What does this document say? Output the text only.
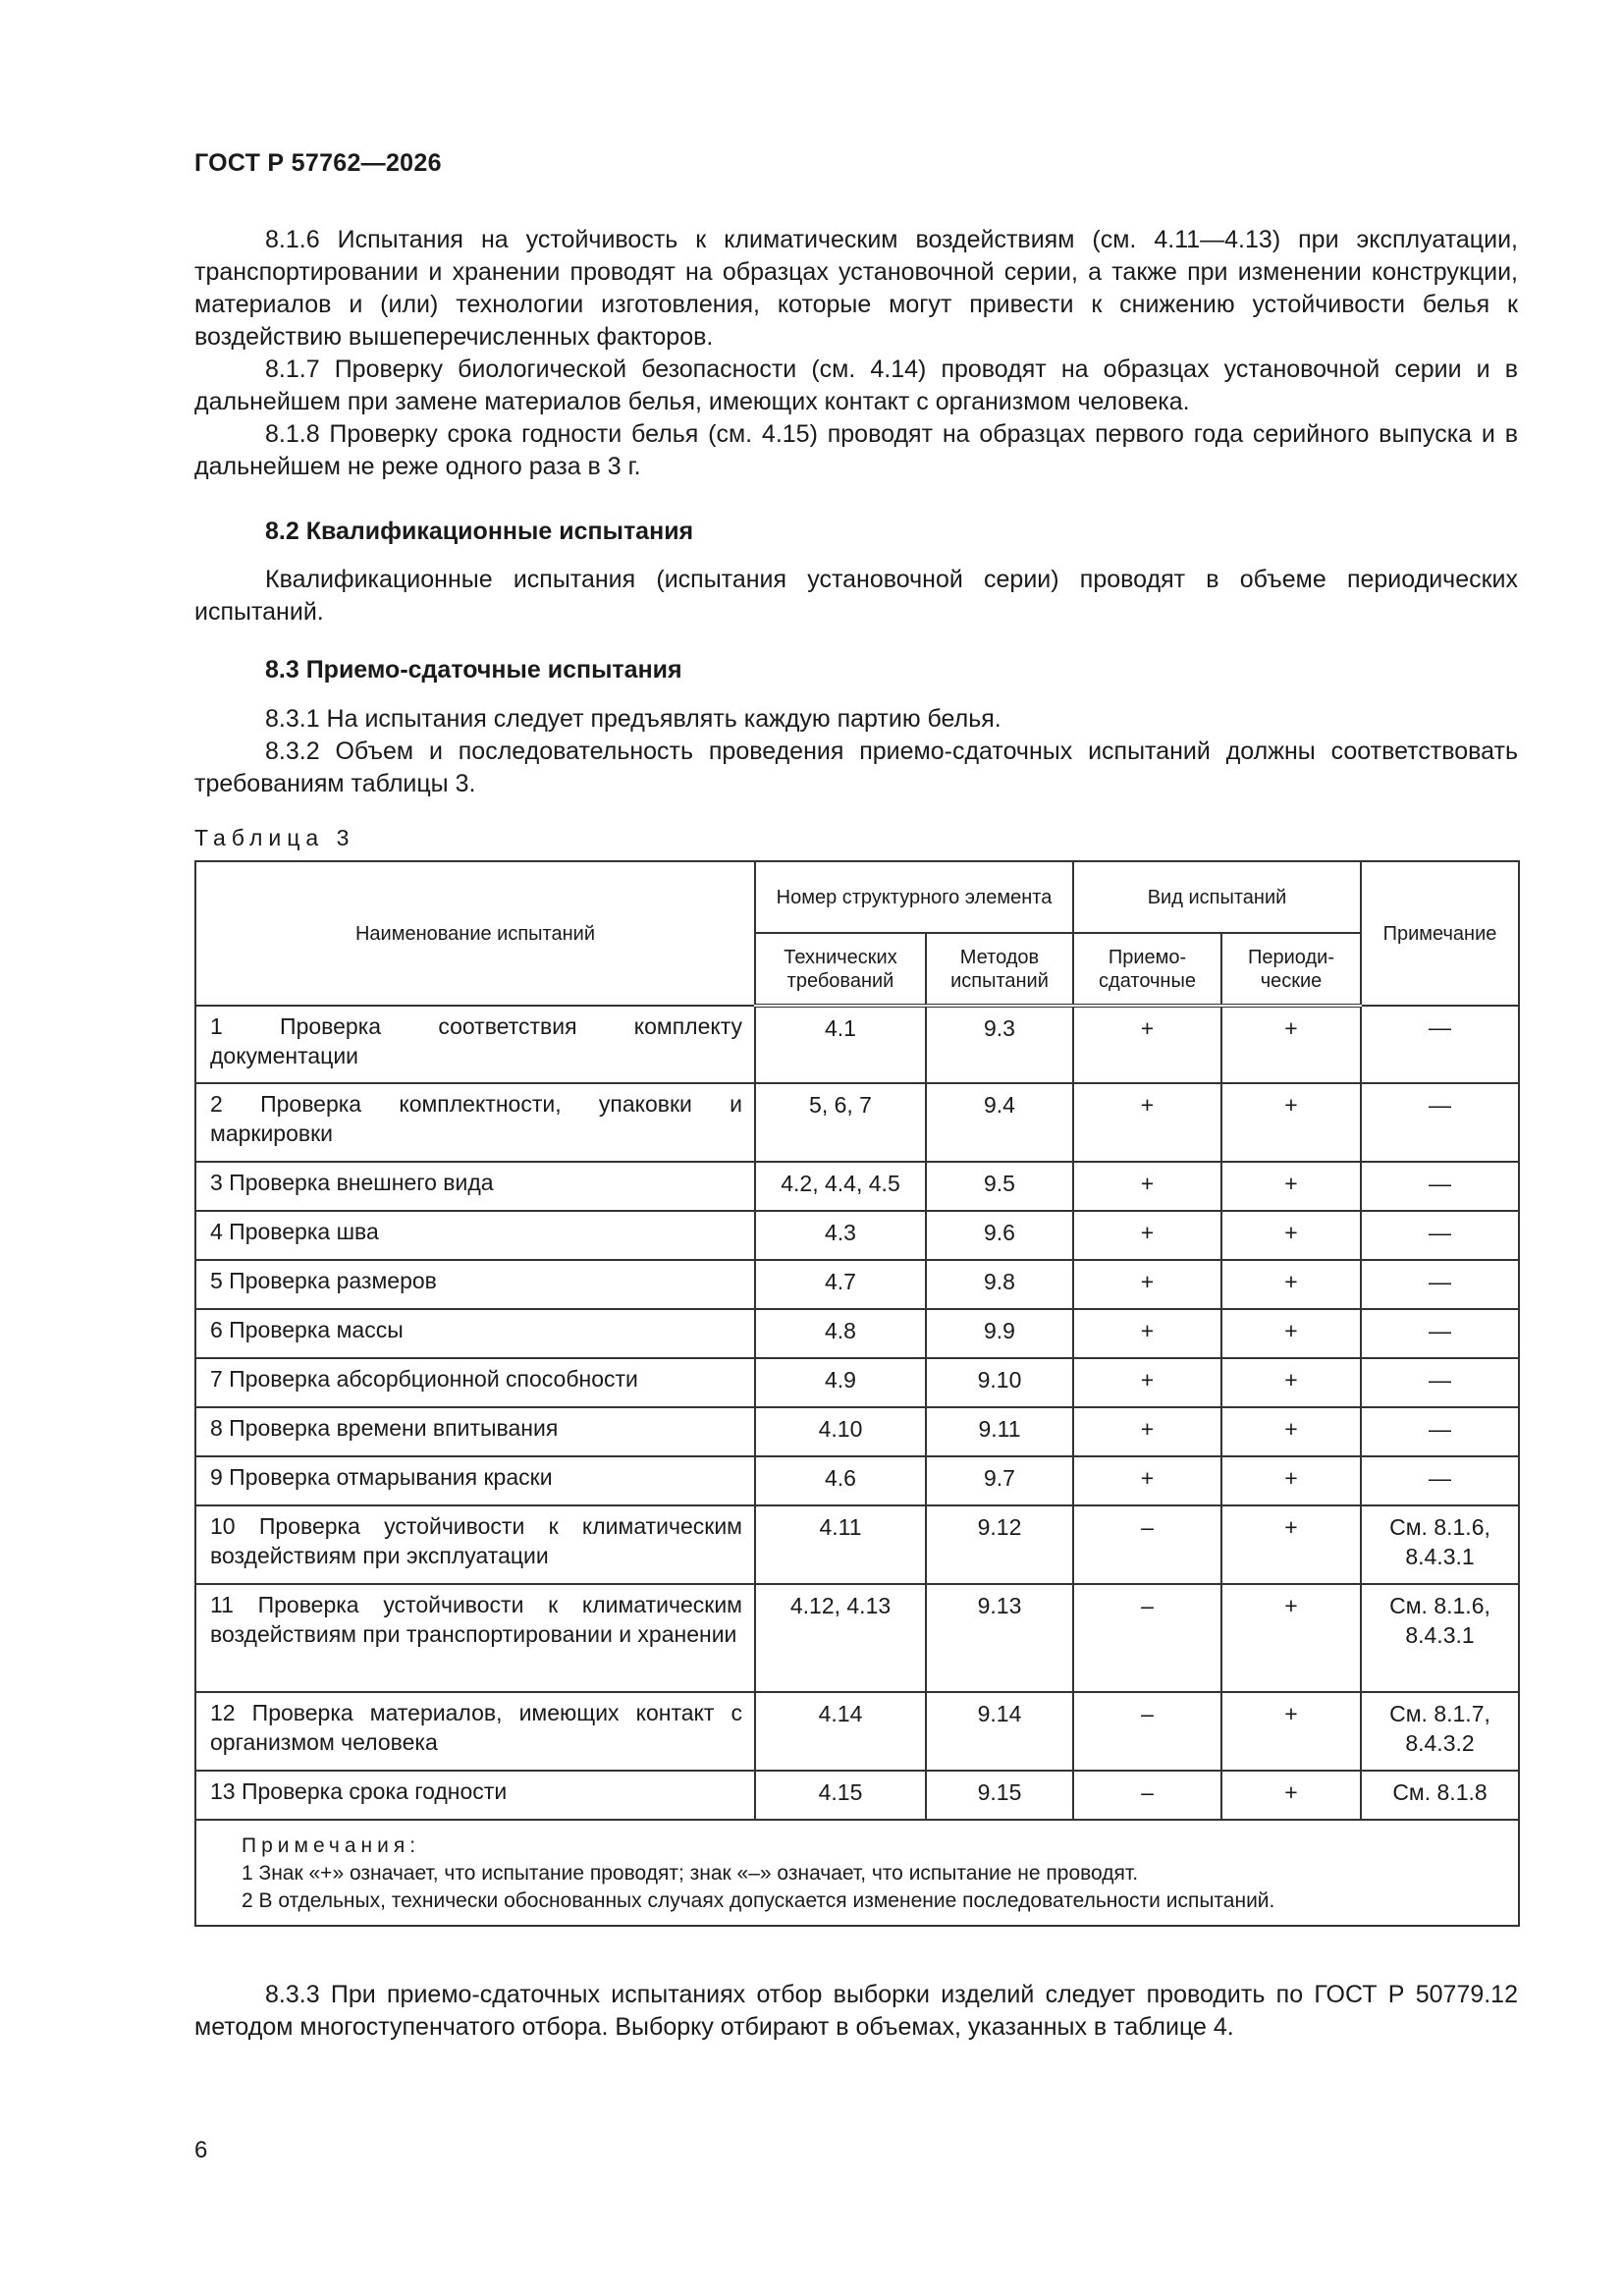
ГОСТ Р 57762—2026

8.1.6 Испытания на устойчивость к климатическим воздействиям (см. 4.11—4.13) при эксплуатации, транспортировании и хранении проводят на образцах установочной серии, а также при изменении конструкции, материалов и (или) технологии изготовления, которые могут привести к снижению устойчивости белья к воздействию вышеперечисленных факторов.

8.1.7 Проверку биологической безопасности (см. 4.14) проводят на образцах установочной серии и в дальнейшем при замене материалов белья, имеющих контакт с организмом человека.

8.1.8 Проверку срока годности белья (см. 4.15) проводят на образцах первого года серийного выпуска и в дальнейшем не реже одного раза в 3 г.

8.2 Квалификационные испытания

Квалификационные испытания (испытания установочной серии) проводят в объеме периодических испытаний.

8.3 Приемо-сдаточные испытания

8.3.1 На испытания следует предъявлять каждую партию белья.

8.3.2 Объем и последовательность проведения приемо-сдаточных испытаний должны соответствовать требованиям таблицы 3.

Таблица 3
Наименование испытаний	Номер структурного элемента		Вид испытаний		Примечание
	Технических требований	Методов испытаний	Приемо-сдаточные	Периоди-ческие	
1 Проверка соответствия комплекту документации	4.1	9.3	+	+	—
2 Проверка комплектности, упаковки и маркировки	5, 6, 7	9.4	+	+	—
3 Проверка внешнего вида	4.2, 4.4, 4.5	9.5	+	+	—
4 Проверка шва	4.3	9.6	+	+	—
5 Проверка размеров	4.7	9.8	+	+	—
6 Проверка массы	4.8	9.9	+	+	—
7 Проверка абсорбционной способности	4.9	9.10	+	+	—
8 Проверка времени впитывания	4.10	9.11	+	+	—
9 Проверка отмарывания краски	4.6	9.7	+	+	—
10 Проверка устойчивости к климатическим воздействиям при эксплуатации	4.11	9.12	–	+	См. 8.1.6, 8.4.3.1
11 Проверка устойчивости к климатическим воздействиям при транспортировании и хранении	4.12, 4.13	9.13	–	+	См. 8.1.6, 8.4.3.1
12 Проверка материалов, имеющих контакт с организмом человека	4.14	9.14	–	+	См. 8.1.7, 8.4.3.2
13 Проверка срока годности	4.15	9.15	–	+	См. 8.1.8

Примечания:
1 Знак «+» означает, что испытание проводят; знак «–» означает, что испытание не проводят.
2 В отдельных, технически обоснованных случаях допускается изменение последовательности испытаний.					

8.3.3 При приемо-сдаточных испытаниях отбор выборки изделий следует проводить по ГОСТ Р 50779.12 методом многоступенчатого отбора. Выборку отбирают в объемах, указанных в таблице 4.

6
